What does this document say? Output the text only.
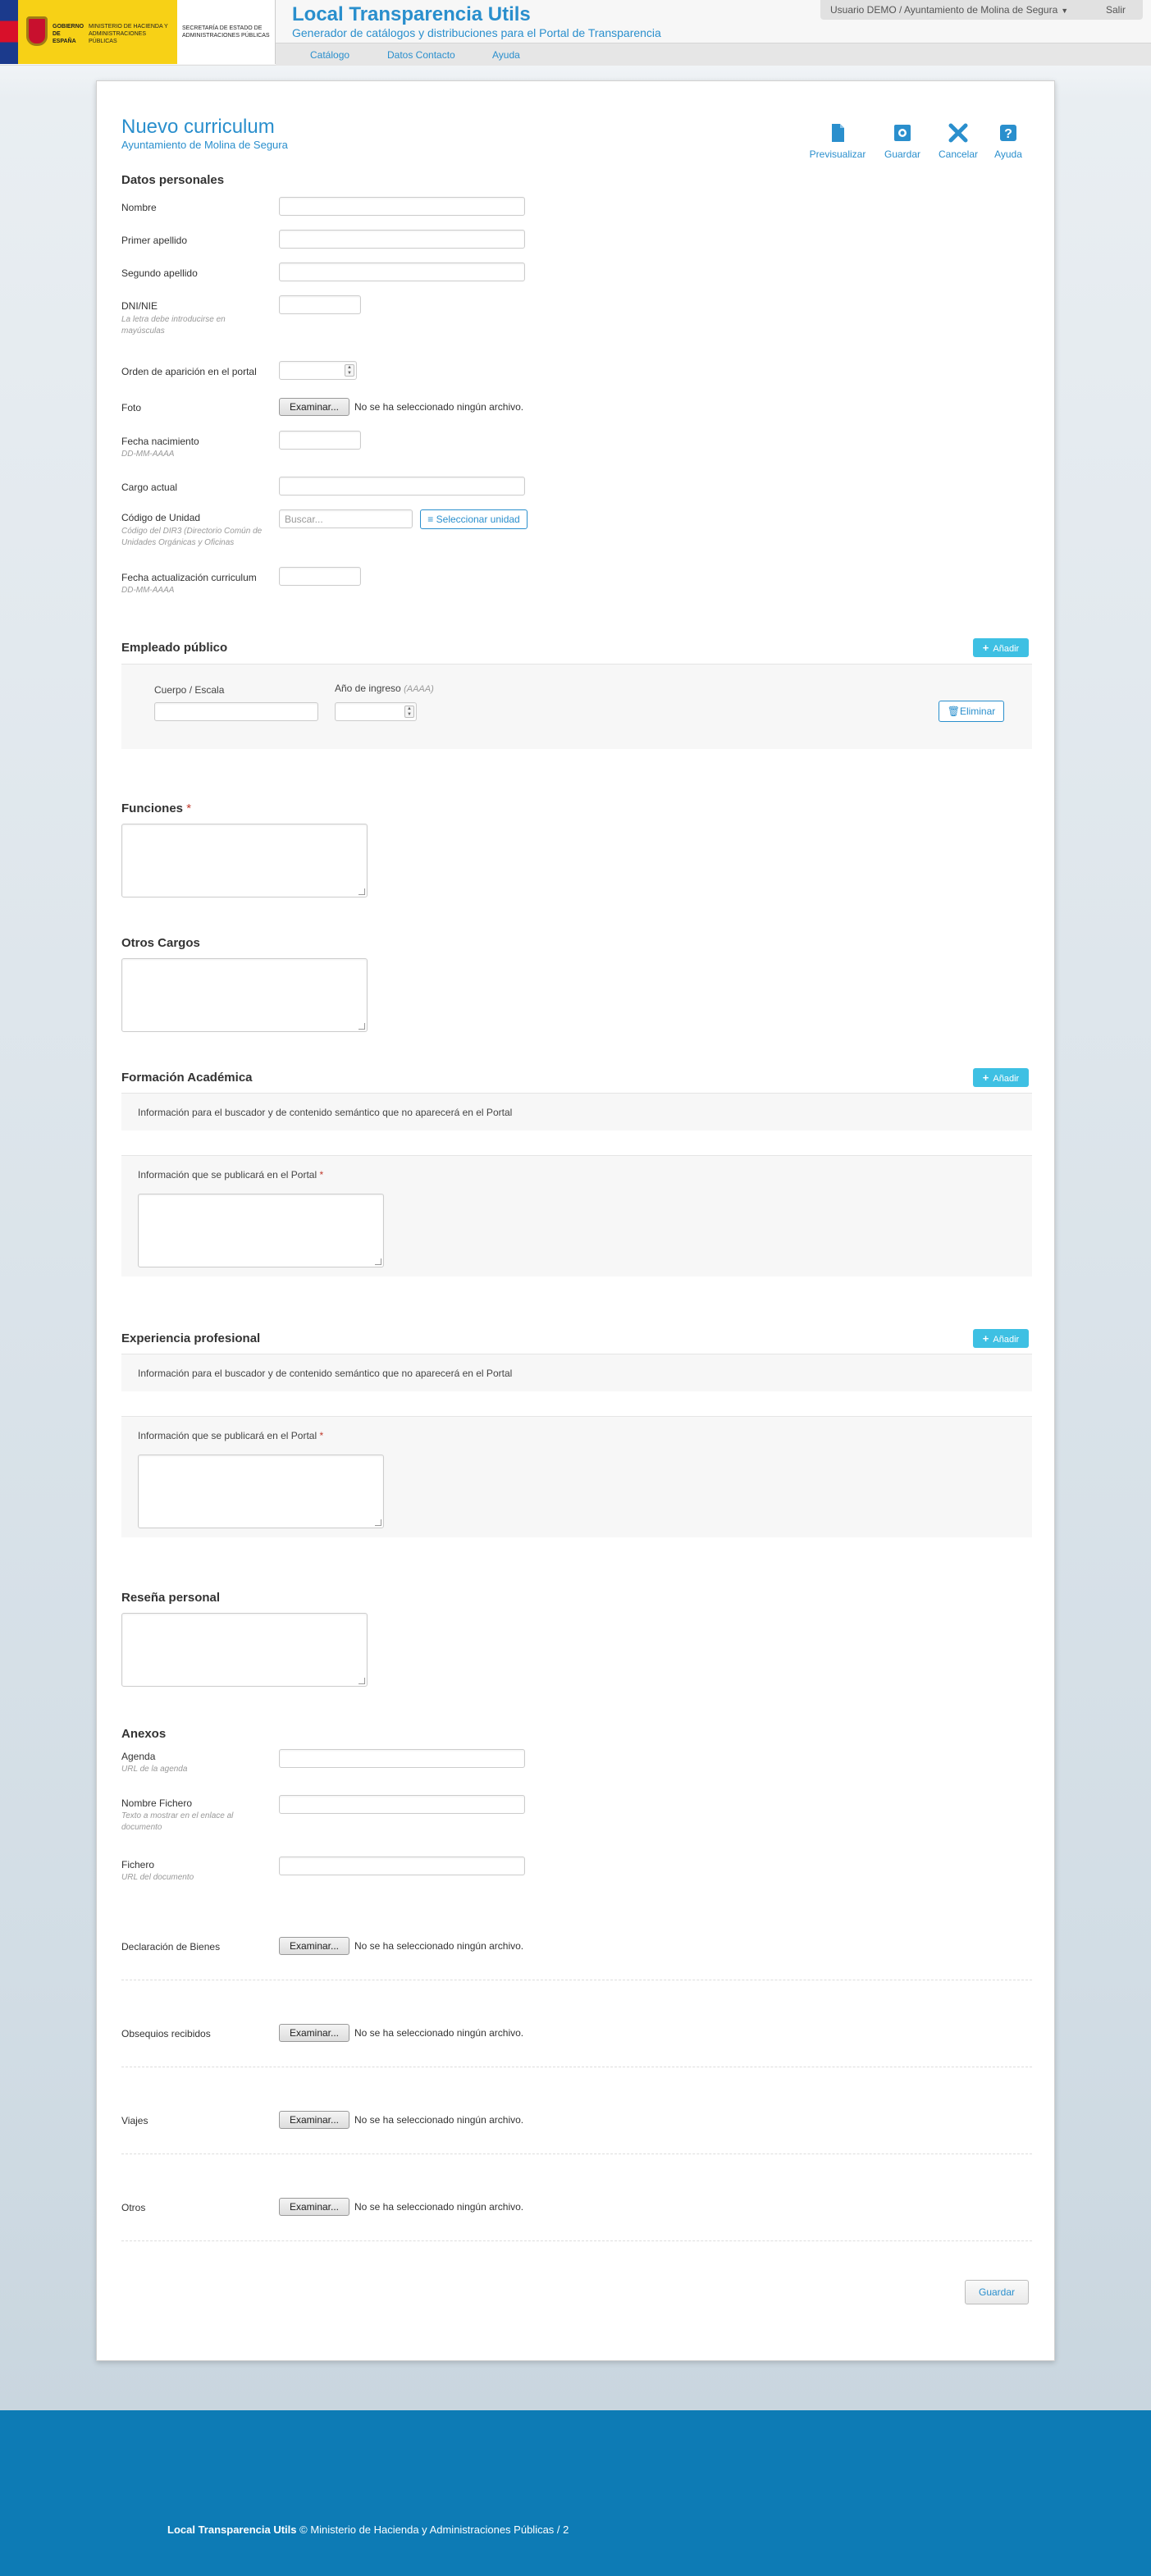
GOBIERNO DE ESPAÑA
MINISTERIO DE HACIENDA Y ADMINISTRACIONES PÚBLICAS
SECRETARÍA DE ESTADO DE ADMINISTRACIONES PÚBLICAS
Local Transparencia Utils
Generador de catálogos y distribuciones para el Portal de Transparencia
Usuario DEMO / Ayuntamiento de Molina de Segura ▼	Salir
Catálogo	Datos Contacto	Ayuda
Nuevo curriculum
Ayuntamiento de Molina de Segura
Previsualizar	Guardar	Cancelar
?
Ayuda
Datos personales
Nombre
Primer apellido
Segundo apellido
DNI/NIE
La letra debe introducirse en mayúsculas
Orden de aparición en el portal	▲
▼
Foto	Examinar...	No se ha seleccionado ningún archivo.
Fecha nacimiento
DD-MM-AAAA
Cargo actual
Código de Unidad
Código del DIR3 (Directorio Común de Unidades Orgánicas y Oficinas
Buscar...	≡ Seleccionar unidad
Fecha actualización curriculum
DD-MM-AAAA
Empleado público	+ Añadir
Cuerpo / Escala	Año de ingreso (AAAA)
▲
▼	🗑Eliminar
Funciones *
Otros Cargos
Formación Académica	+ Añadir
Información para el buscador y de contenido semántico que no aparecerá en el Portal
Información que se publicará en el Portal *
Experiencia profesional	+ Añadir
Información para el buscador y de contenido semántico que no aparecerá en el Portal
Información que se publicará en el Portal *
Reseña personal
Anexos
Agenda
URL de la agenda
Nombre Fichero
Texto a mostrar en el enlace al documento
Fichero
URL del documento
Declaración de Bienes	Examinar...	No se ha seleccionado ningún archivo.
Obsequios recibidos	Examinar...	No se ha seleccionado ningún archivo.
Viajes	Examinar...	No se ha seleccionado ningún archivo.
Otros	Examinar...	No se ha seleccionado ningún archivo.
Guardar
Local Transparencia Utils © Ministerio de Hacienda y Administraciones Públicas / 2
